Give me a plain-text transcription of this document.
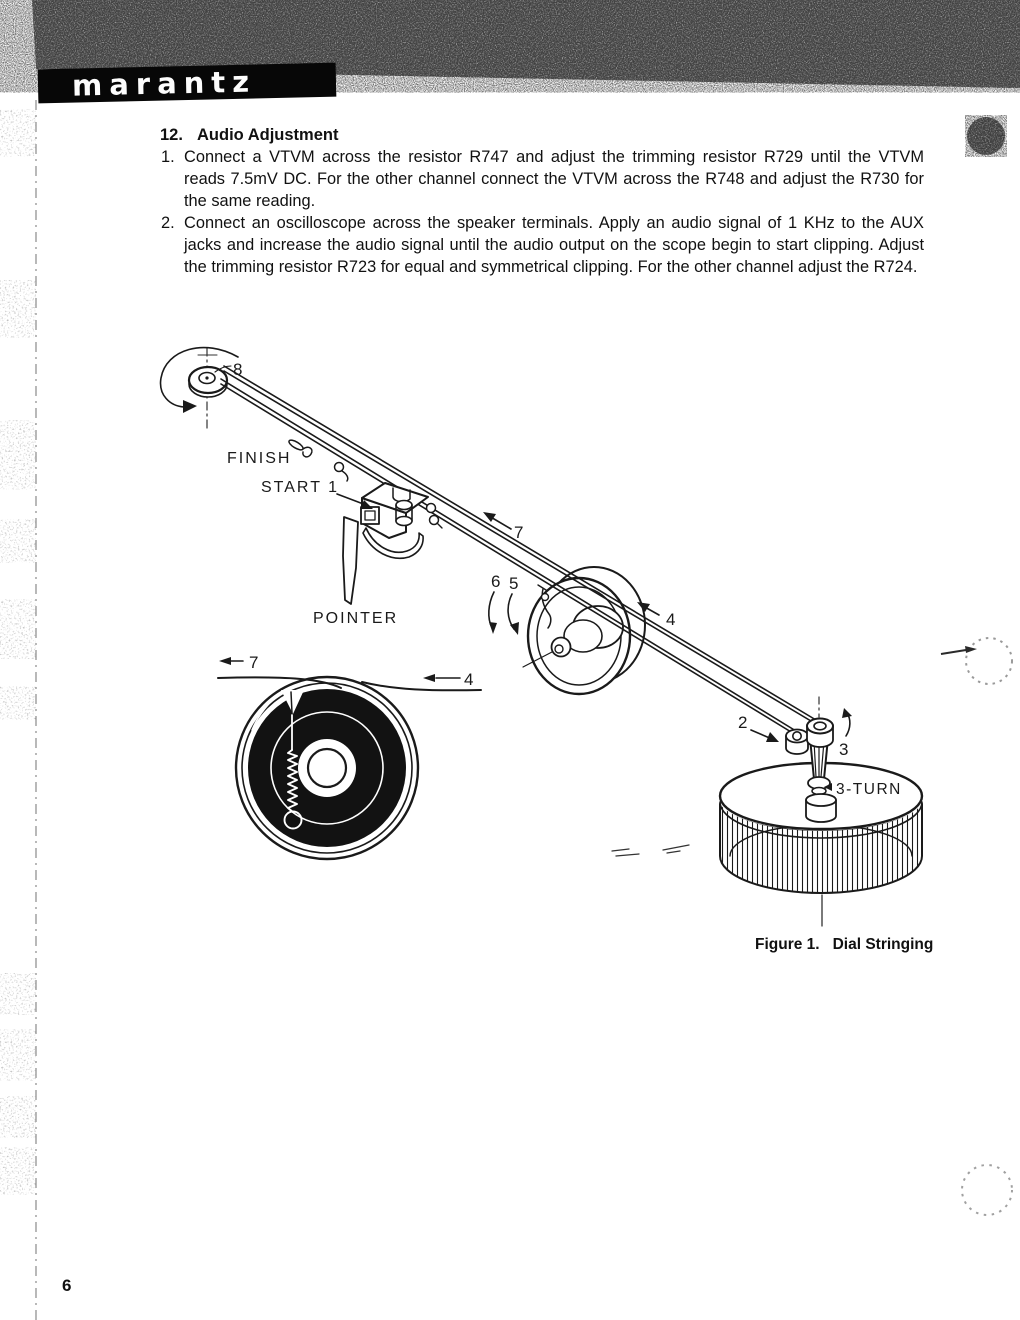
FINISH
START 1
POINTER
3-TURN
8
7
6 5
4
2
3
7
4
marantz
12. Audio Adjustment
1. Connect a VTVM across the resistor R747 and adjust the trimming resistor R729 until the VTVM reads 7.5mV DC. For the other channel connect the VTVM across the R748 and adjust the R730 for the same reading.
2. Connect an oscilloscope across the speaker terminals. Apply an audio signal of 1 KHz to the AUX jacks and increase the audio signal until the audio output on the scope begin to start clipping. Adjust the trimming resistor R723 for equal and symmetrical clipping. For the other channel adjust the R724.
Figure 1. Dial Stringing
6
